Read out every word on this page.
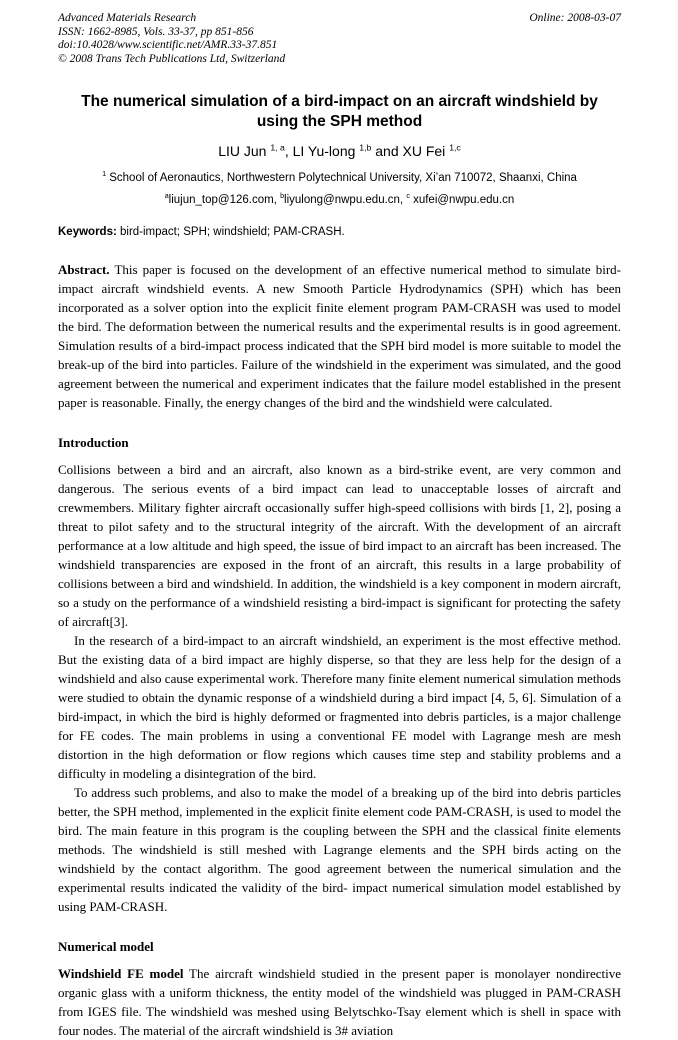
Advanced Materials Research
ISSN: 1662-8985, Vols. 33-37, pp 851-856
doi:10.4028/www.scientific.net/AMR.33-37.851
© 2008 Trans Tech Publications Ltd, Switzerland
Online: 2008-03-07
The numerical simulation of a bird-impact on an aircraft windshield by using the SPH method
LIU Jun $^{1, a}$, LI Yu-long $^{1,b}$ and XU Fei $^{1,c}$
$^1$ School of Aeronautics, Northwestern Polytechnical University, Xi’an 710072, Shaanxi, China
$^a$liujun_top@126.com, $^b$liyulong@nwpu.edu.cn, $^c$ xufei@nwpu.edu.cn
Keywords: bird-impact; SPH; windshield; PAM-CRASH.

Abstract. This paper is focused on the development of an effective numerical method to simulate bird-impact aircraft windshield events. A new Smooth Particle Hydrodynamics (SPH) which has been incorporated as a solver option into the explicit finite element program PAM-CRASH was used to model the bird. The deformation between the numerical results and the experimental results is in good agreement. Simulation results of a bird-impact process indicated that the SPH bird model is more suitable to model the break-up of the bird into particles. Failure of the windshield in the experiment was simulated, and the good agreement between the numerical and experiment indicates that the failure model established in the present paper is reasonable. Finally, the energy changes of the bird and the windshield were calculated.

Introduction

Collisions between a bird and an aircraft, also known as a bird-strike event, are very common and dangerous. The serious events of a bird impact can lead to unacceptable losses of aircraft and crewmembers. Military fighter aircraft occasionally suffer high-speed collisions with birds [1, 2], posing a threat to pilot safety and to the structural integrity of the aircraft. With the development of an aircraft performance at a low altitude and high speed, the issue of bird impact to an aircraft has been increased. The windshield transparencies are exposed in the front of an aircraft, this results in a large probability of collisions between a bird and windshield. In addition, the windshield is a key component in modern aircraft, so a study on the performance of a windshield resisting a bird-impact is significant for protecting the safety of aircraft[3].

In the research of a bird-impact to an aircraft windshield, an experiment is the most effective method. But the existing data of a bird impact are highly disperse, so that they are less help for the design of a windshield and also cause experimental work. Therefore many finite element numerical simulation methods were studied to obtain the dynamic response of a windshield during a bird impact [4, 5, 6]. Simulation of a bird-impact, in which the bird is highly deformed or fragmented into debris particles, is a major challenge for FE codes. The main problems in using a conventional FE model with Lagrange mesh are mesh distortion in the high deformation or flow regions which causes time step and stability problems and a difficulty in modeling a disintegration of the bird.

To address such problems, and also to make the model of a breaking up of the bird into debris particles better, the SPH method, implemented in the explicit finite element code PAM-CRASH, is used to model the bird. The main feature in this program is the coupling between the SPH and the classical finite elements methods. The windshield is still meshed with Lagrange elements and the SPH birds acting on the windshield by the contact algorithm. The good agreement between the numerical simulation and the experimental results indicated the validity of the bird- impact numerical simulation model established by using PAM-CRASH.

Numerical model

Windshield FE model The aircraft windshield studied in the present paper is monolayer nondirective organic glass with a uniform thickness, the entity model of the windshield was plugged in PAM-CRASH from IGES file. The windshield was meshed using Belytschko-Tsay element which is shell in space with four nodes. The material of the aircraft windshield is 3# aviation
